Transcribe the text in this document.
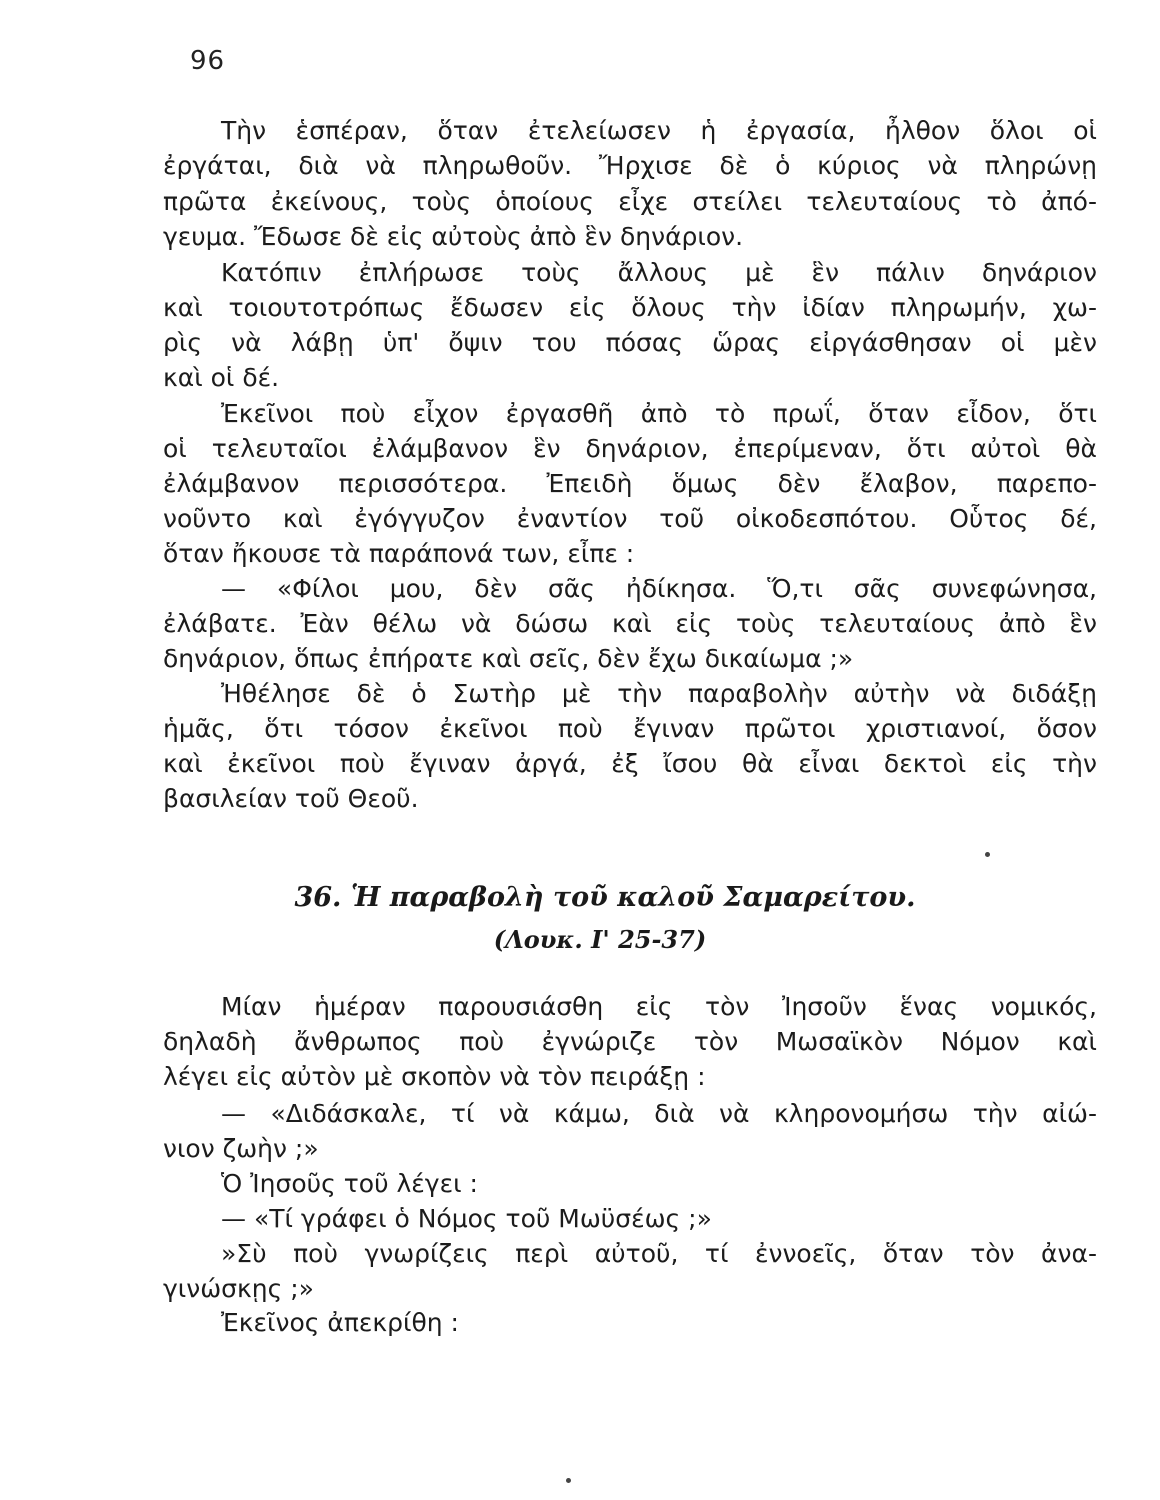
96
Τὴν ἑσπέραν, ὅταν ἐτελείωσεν ἡ ἐργασία, ἦλθον ὅλοι οἱ
ἐργάται, διὰ νὰ πληρωθοῦν. Ἤρχισε δὲ ὁ κύριος νὰ πληρώνῃ
πρῶτα ἐκείνους, τοὺς ὁποίους εἶχε στείλει τελευταίους τὸ ἀπό-
γευμα. Ἔδωσε δὲ εἰς αὐτοὺς ἀπὸ ἓν δηνάριον.
Κατόπιν ἐπλήρωσε τοὺς ἄλλους μὲ ἓν πάλιν δηνάριον
καὶ τοιουτοτρόπως ἔδωσεν εἰς ὅλους τὴν ἰδίαν πληρωμήν, χω-
ρὶς νὰ λάβῃ ὑπ' ὄψιν του πόσας ὥρας εἰργάσθησαν οἱ μὲν
καὶ οἱ δέ.
Ἐκεῖνοι ποὺ εἶχον ἐργασθῆ ἀπὸ τὸ πρωΐ, ὅταν εἶδον, ὅτι
οἱ τελευταῖοι ἐλάμβανον ἓν δηνάριον, ἐπερίμεναν, ὅτι αὐτοὶ θὰ
ἐλάμβανον περισσότερα. Ἐπειδὴ ὅμως δὲν ἔλαβον, παρεπο-
νοῦντο καὶ ἐγόγγυζον ἐναντίον τοῦ οἰκοδεσπότου. Οὗτος δέ,
ὅταν ἤκουσε τὰ παράπονά των, εἶπε :
— «Φίλοι μου, δὲν σᾶς ἠδίκησα. Ὅ,τι σᾶς συνεφώνησα,
ἐλάβατε. Ἐὰν θέλω νὰ δώσω καὶ εἰς τοὺς τελευταίους ἀπὸ ἓν
δηνάριον, ὅπως ἐπήρατε καὶ σεῖς, δὲν ἔχω δικαίωμα ;»
Ἠθέλησε δὲ ὁ Σωτὴρ μὲ τὴν παραβολὴν αὐτὴν νὰ διδάξῃ
ἡμᾶς, ὅτι τόσον ἐκεῖνοι ποὺ ἔγιναν πρῶτοι χριστιανοί, ὅσον
καὶ ἐκεῖνοι ποὺ ἔγιναν ἀργά, ἐξ ἴσου θὰ εἶναι δεκτοὶ εἰς τὴν
βασιλείαν τοῦ Θεοῦ.
36. Ἡ παραβολὴ τοῦ καλοῦ Σαμαρείτου.
(Λουκ. Ι' 25-37)
Μίαν ἡμέραν παρουσιάσθη εἰς τὸν Ἰησοῦν ἕνας νομικός,
δηλαδὴ ἄνθρωπος ποὺ ἐγνώριζε τὸν Μωσαϊκὸν Νόμον καὶ
λέγει εἰς αὐτὸν μὲ σκοπὸν νὰ τὸν πειράξῃ :
— «Διδάσκαλε, τί νὰ κάμω, διὰ νὰ κληρονομήσω τὴν αἰώ-
νιον ζωὴν ;»
Ὁ Ἰησοῦς τοῦ λέγει :
— «Τί γράφει ὁ Νόμος τοῦ Μωϋσέως ;»
»Σὺ ποὺ γνωρίζεις περὶ αὐτοῦ, τί ἐννοεῖς, ὅταν τὸν ἀνα-
γινώσκῃς ;»
Ἐκεῖνος ἀπεκρίθη :
